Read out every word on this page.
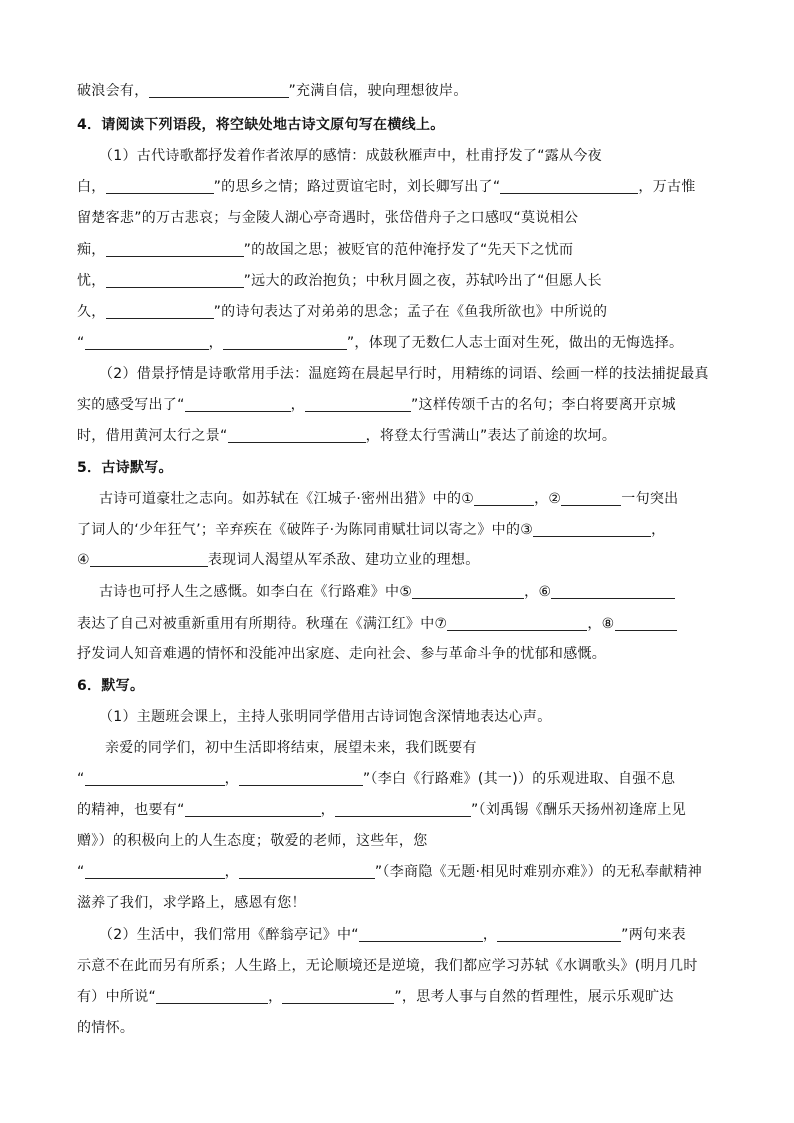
破浪会有，	”充满自信，驶向理想彼岸。
4．请阅读下列语段，将空缺处地古诗文原句写在横线上。
（1）古代诗歌都抒发着作者浓厚的感情：成鼓秋雁声中，杜甫抒发了“露从今夜
白，	”的思乡之情；路过贾谊宅时，刘长卿写出了“	，万古惟
留楚客悲”的万古悲哀；与金陵人湖心亭奇遇时，张岱借舟子之口感叹“莫说相公
痴，	”的故国之思；被贬官的范仲淹抒发了“先天下之忧而
忧，	”远大的政治抱负；中秋月圆之夜，苏轼吟出了“但愿人长
久，	”的诗句表达了对弟弟的思念；孟子在《鱼我所欲也》中所说的
“	，	”，体现了无数仁人志士面对生死，做出的无悔选择。
（2）借景抒情是诗歌常用手法：温庭筠在晨起早行时，用精练的词语、绘画一样的技法捕捉最真
实的感受写出了“	，	”这样传颂千古的名句；李白将要离开京城
时，借用黄河太行之景“	，将登太行雪满山”表达了前途的坎坷。
5．古诗默写。
古诗可道豪壮之志向。如苏轼在《江城子·密州出猎》中的①	，②	一句突出
了词人的‘少年狂气’；辛弃疾在《破阵子·为陈同甫赋壮词以寄之》中的③	，
④	表现词人渴望从军杀敌、建功立业的理想。
古诗也可抒人生之感慨。如李白在《行路难》中⑤	，⑥
表达了自己对被重新重用有所期待。秋瑾在《满江红》中⑦	，⑧
抒发词人知音难遇的情怀和没能冲出家庭、走向社会、参与革命斗争的忧郁和感慨。
6．默写。
（1）主题班会课上，主持人张明同学借用古诗词饱含深情地表达心声。
亲爱的同学们，初中生活即将结束，展望未来，我们既要有
“	，	”（李白《行路难》(其一)）的乐观进取、自强不息
的精神，也要有“	，	”（刘禹锡《酬乐天扬州初逢席上见
赠》）的积极向上的人生态度；敬爱的老师，这些年，您
“	，	”（李商隐《无题·相见时难别亦难》）的无私奉献精神
滋养了我们，求学路上，感恩有您！
（2）生活中，我们常用《醉翁亭记》中“	，	”两句来表
示意不在此而另有所系；人生路上，无论顺境还是逆境，我们都应学习苏轼《水调歌头》(明月几时
有）中所说“	，	”，思考人事与自然的哲理性，展示乐观旷达
的情怀。
